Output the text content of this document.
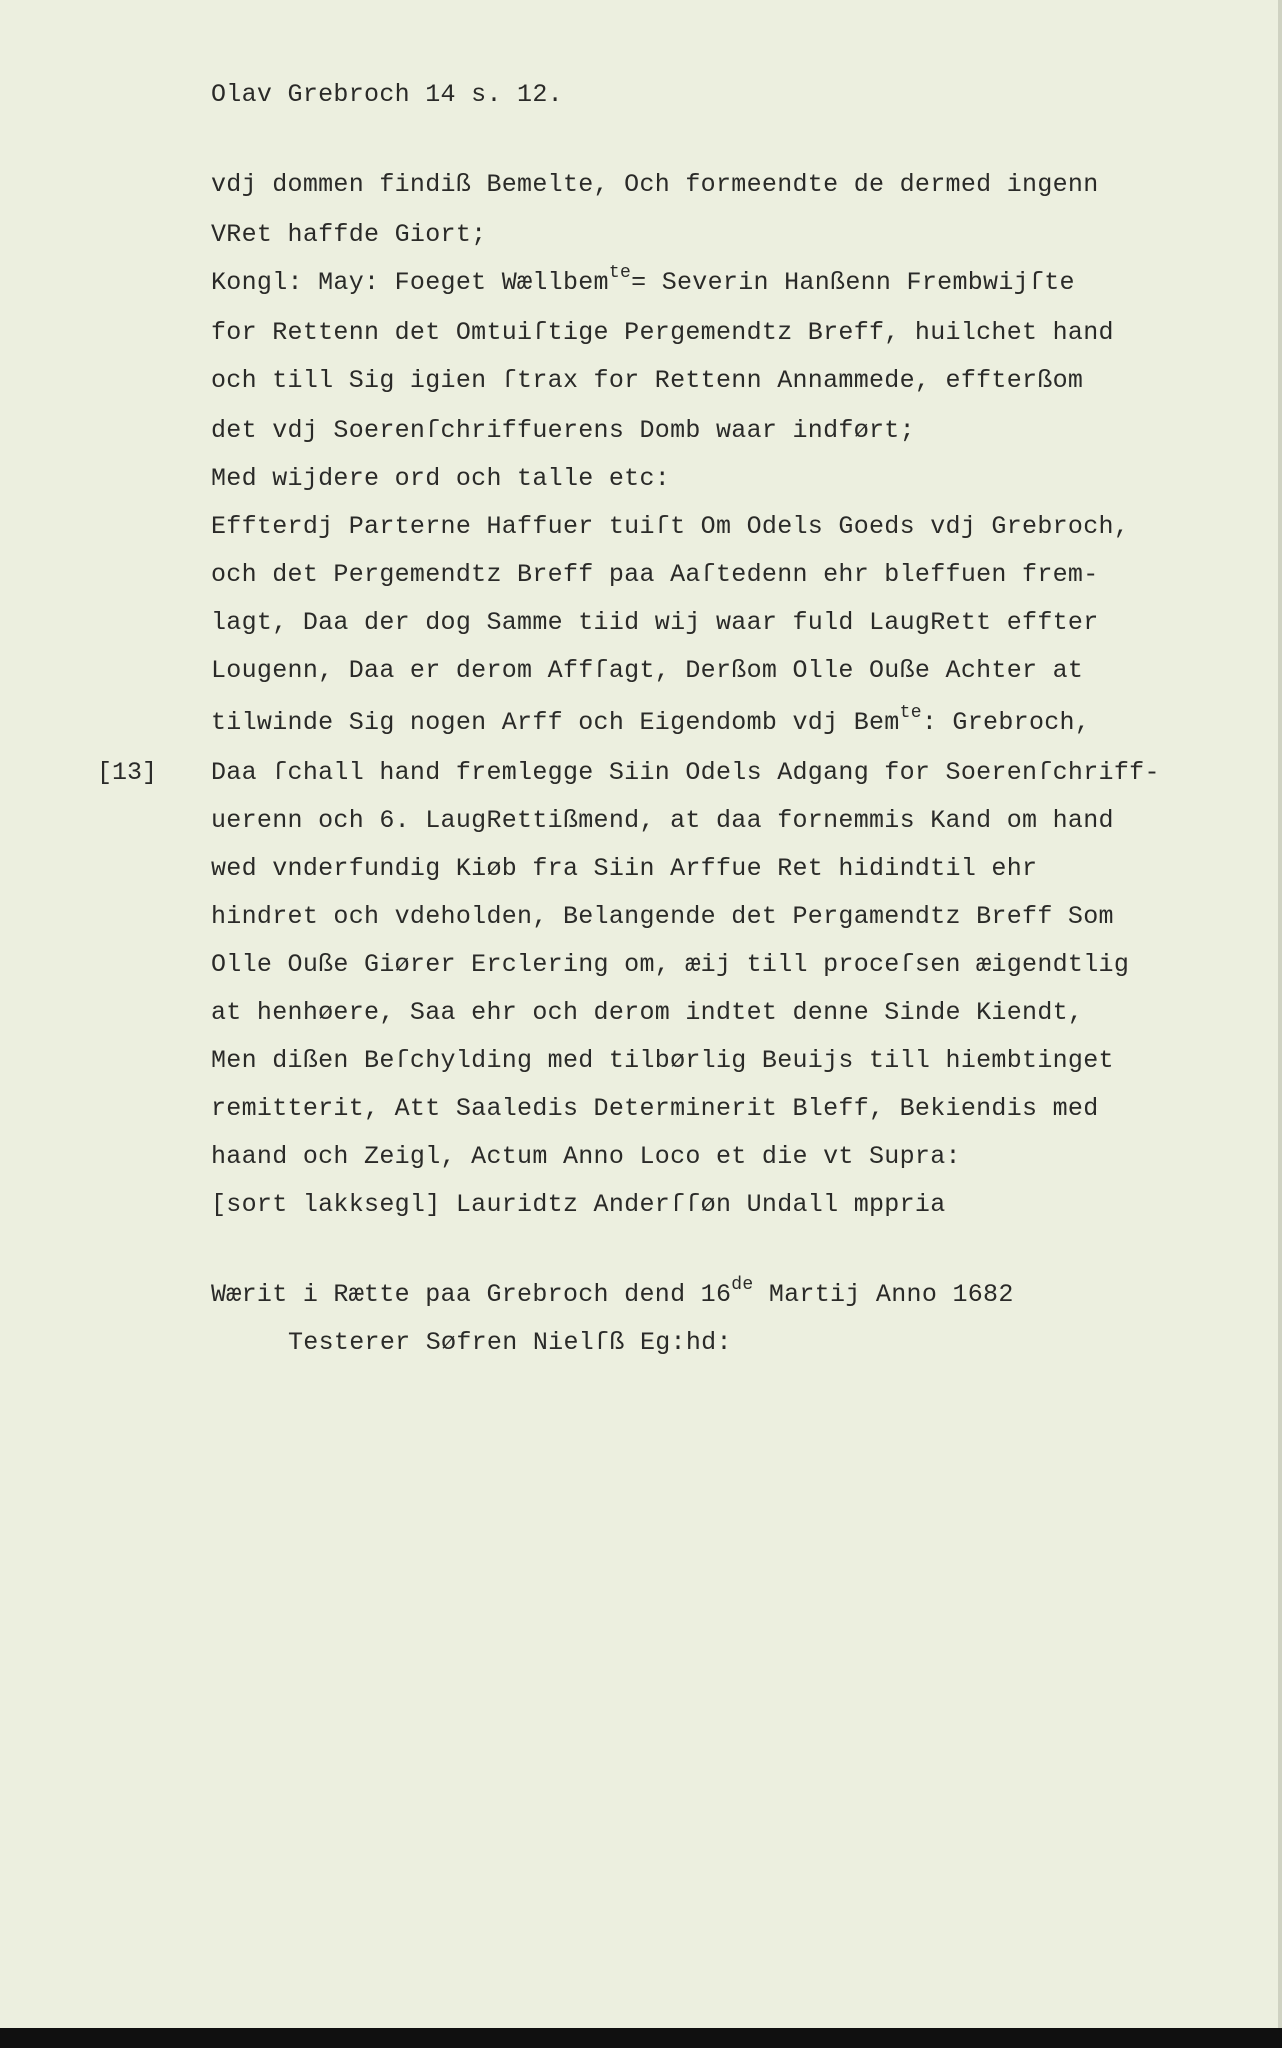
Olav Grebroch 14 s. 12.
[13]
vdj dommen findiß Bemelte, Och formeendte de dermed ingenn
VRet haffde Giort;
Kongl: May: Foeget Wællbem$^{te}$= Severin Hanßenn Frembwijſte
for Rettenn det Omtuiſtige Pergemendtz Breff, huilchet hand
och till Sig igien ſtrax for Rettenn Annammede, effterßom
det vdj Soerenſchriffuerens Domb waar indført;
Med wijdere ord och talle etc:
Effterdj Parterne Haffuer tuiſt Om Odels Goeds vdj Grebroch,
och det Pergemendtz Breff paa Aaſtedenn ehr bleffuen frem-
lagt, Daa der dog Samme tiid wij waar fuld LaugRett effter
Lougenn, Daa er derom Affſagt, Derßom Olle Ouße Achter at
tilwinde Sig nogen Arff och Eigendomb vdj Bem$^{te}$: Grebroch,
Daa ſchall hand fremlegge Siin Odels Adgang for Soerenſchriff-
uerenn och 6. LaugRettißmend, at daa fornemmis Kand om hand
wed vnderfundig Kiøb fra Siin Arffue Ret hidindtil ehr
hindret och vdeholden, Belangende det Pergamendtz Breff Som
Olle Ouße Giører Erclering om, æij till proceſsen æigendtlig
at henhøere, Saa ehr och derom indtet denne Sinde Kiendt,
Men dißen Beſchylding med tilbørlig Beuijs till hiembtinget
remitterit, Att Saaledis Determinerit Bleff, Bekiendis med
haand och Zeigl, Actum Anno Loco et die vt Supra:
[sort lakksegl] Lauridtz Anderſſøn Undall mppria
Wærit i Rætte paa Grebroch dend 16de Martij Anno 1682
Testerer Søfren Nielſß Eg:hd:
